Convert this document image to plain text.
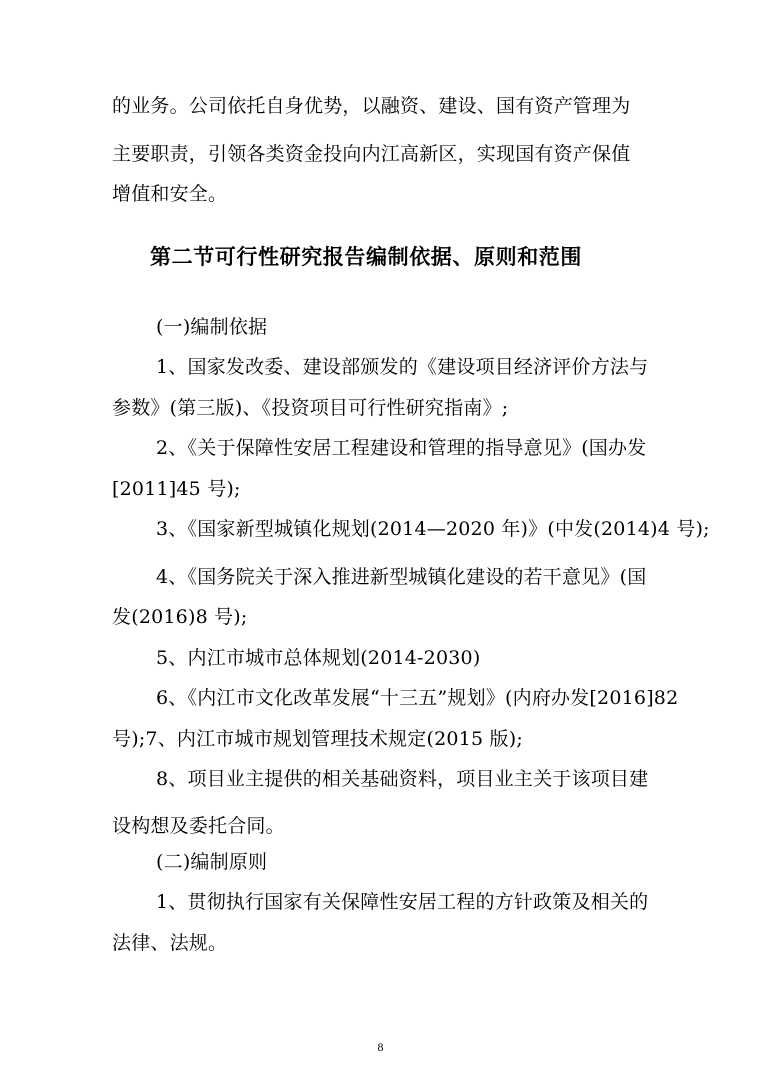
的业务。公司依托自身优势，以融资、建设、国有资产管理为
主要职责，引领各类资金投向内江高新区，实现国有资产保值
增值和安全。
第二节可行性研究报告编制依据、原则和范围
(一)编制依据
1、国家发改委、建设部颁发的《建设项目经济评价方法与
参数》(第三版)、《投资项目可行性研究指南》;
2、《关于保障性安居工程建设和管理的指导意见》(国办发
[2011]45 号);
3、《国家新型城镇化规划(2014—2020 年)》(中发(2014)4 号);
4、《国务院关于深入推进新型城镇化建设的若干意见》(国
发(2016)8 号);
5、内江市城市总体规划(2014-2030)
6、《内江市文化改革发展“十三五”规划》(内府办发[2016]82
号);7、内江市城市规划管理技术规定(2015 版);
8、项目业主提供的相关基础资料，项目业主关于该项目建
设构想及委托合同。
(二)编制原则
1、贯彻执行国家有关保障性安居工程的方针政策及相关的
法律、法规。
8
